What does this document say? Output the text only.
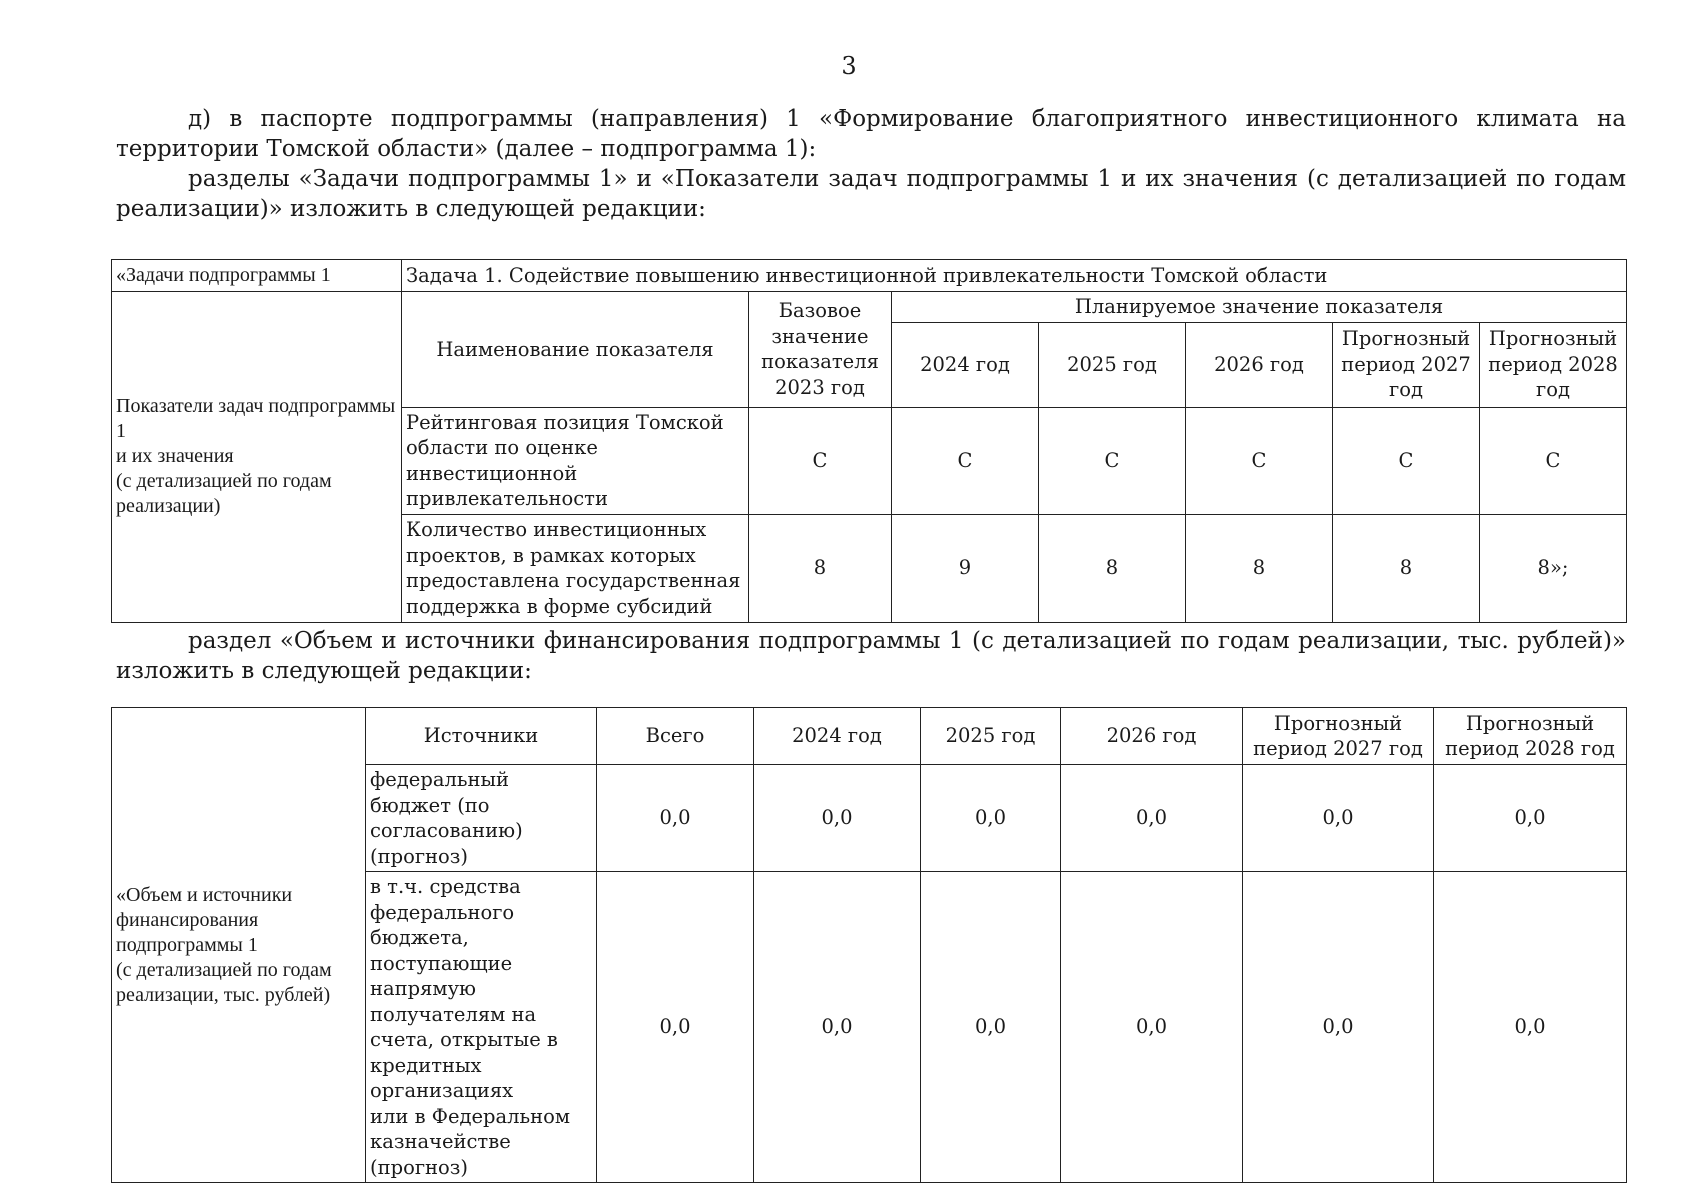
3

д) в паспорте подпрограммы (направления) 1 «Формирование благоприятного инвестиционного климата на территории Томской области» (далее – подпрограмма 1):

разделы «Задачи подпрограммы 1» и «Показатели задач подпрограммы 1 и их значения (с детализацией по годам реализации)» изложить в следующей редакции:

«Задачи подпрограммы 1	Задача 1. Содействие повышению инвестиционной привлекательности Томской области						
Показатели задач подпрограммы 1
и их значения
(с детализацией по годам реализации)	Наименование показателя	Базовое значение показателя 2023 год	Планируемое значение показателя				
			2024 год	2025 год	2026 год	Прогнозный период 2027 год	Прогнозный период 2028 год
	Рейтинговая позиция Томской области по оценке инвестиционной привлекательности	С	С	С	С	С	С
	Количество инвестиционных проектов, в рамках которых предоставлена государственная поддержка в форме субсидий	8	9	8	8	8	8»;

раздел «Объем и источники финансирования подпрограммы 1 (с детализацией по годам реализации, тыс. рублей)» изложить в следующей редакции:

«Объем и источники финансирования подпрограммы 1
(с детализацией по годам реализации, тыс. рублей)	Источники	Всего	2024 год	2025 год	2026 год	Прогнозный период 2027 год	Прогнозный период 2028 год
	федеральный бюджет (по согласованию) (прогноз)	0,0	0,0	0,0	0,0	0,0	0,0
	в т.ч. средства федерального бюджета, поступающие напрямую получателям на счета, открытые в кредитных организациях
или в Федеральном казначействе (прогноз)	0,0	0,0	0,0	0,0	0,0	0,0
